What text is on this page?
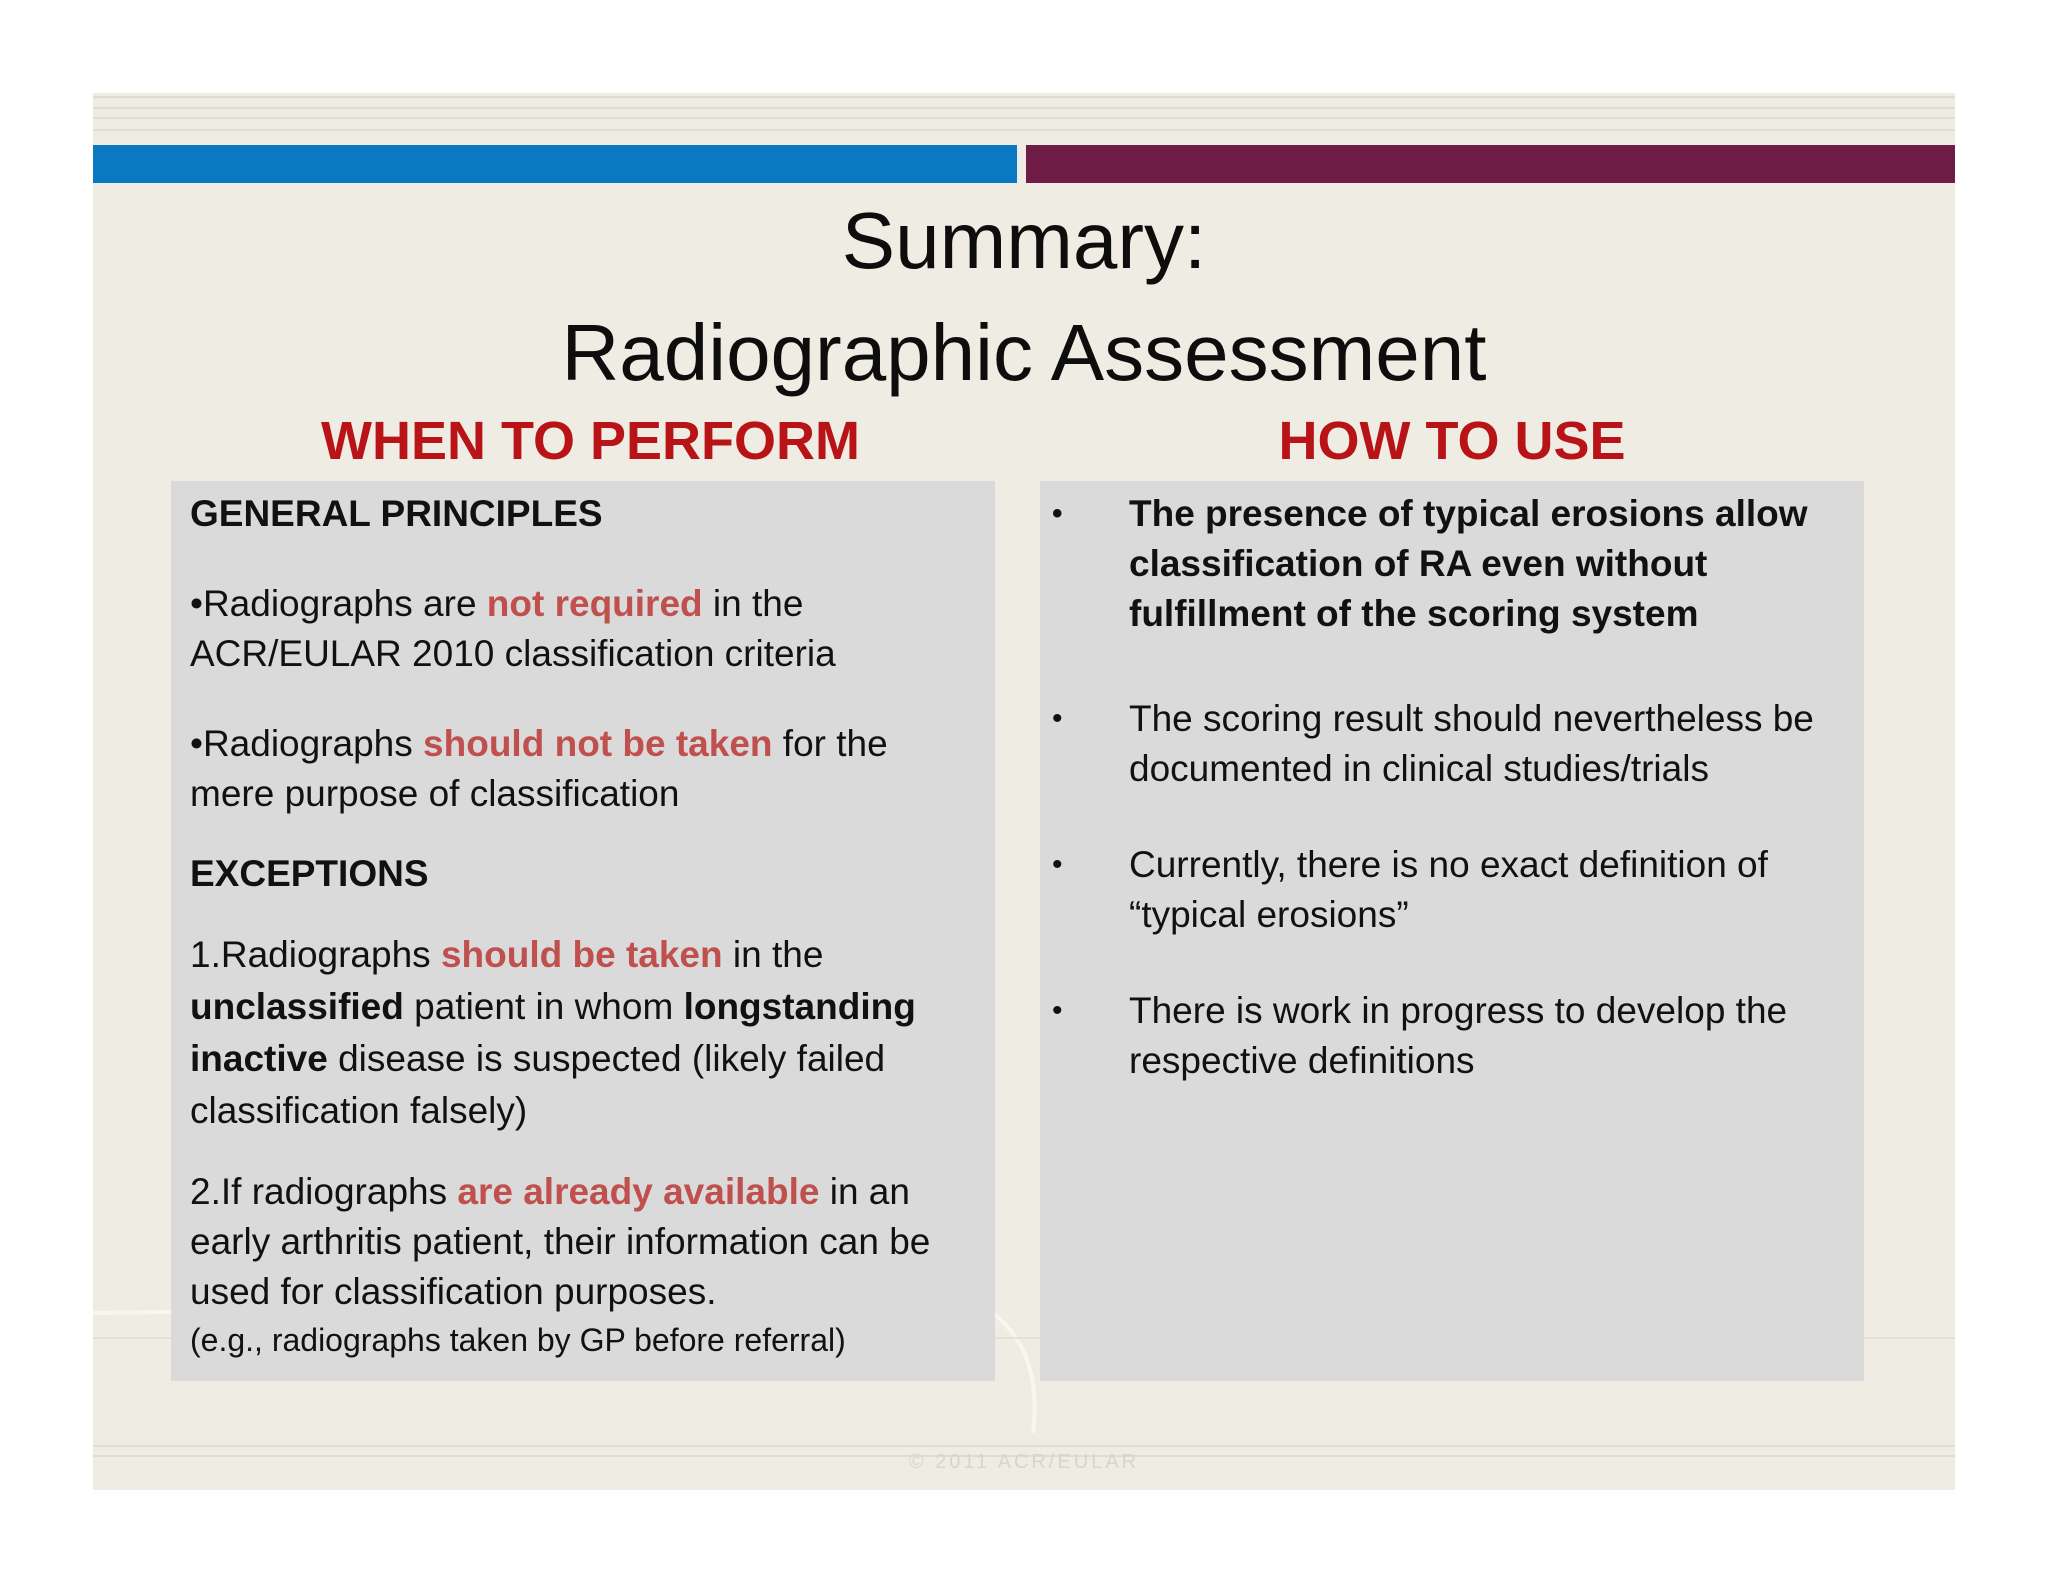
Summary:
Radiographic Assessment
WHEN TO PERFORM	HOW TO USE

GENERAL PRINCIPLES

•Radiographs are not required in the ACR/EULAR 2010 classification criteria

•Radiographs should not be taken for the mere purpose of classification

EXCEPTIONS

1.Radiographs should be taken in the unclassified patient in whom longstanding inactive disease is suspected (likely failed classification falsely)

2.If radiographs are already available in an early arthritis patient, their information can be used for classification purposes.

(e.g., radiographs taken by GP before referral)

• The presence of typical erosions allow classification of RA even without fulfillment of the scoring system
• The scoring result should nevertheless be documented in clinical studies/trials
• Currently, there is no exact definition of “typical erosions”
• There is work in progress to develop the respective definitions
© 2011 ACR/EULAR
